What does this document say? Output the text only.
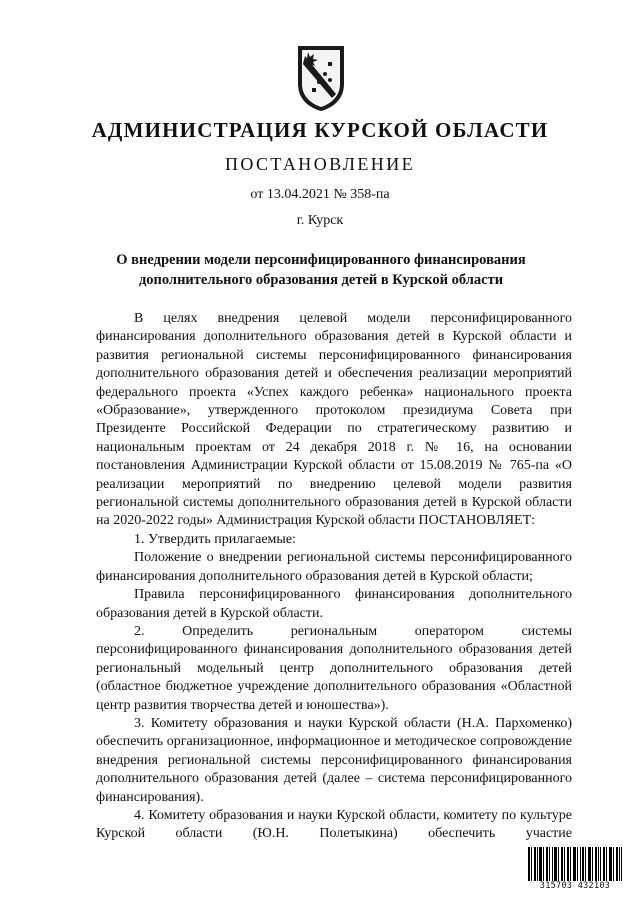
АДМИНИСТРАЦИЯ КУРСКОЙ ОБЛАСТИ
ПОСТАНОВЛЕНИЕ
от 13.04.2021 № 358-па
г. Курск
О внедрении модели персонифицированного финансирования
дополнительного образования детей в Курской области

В целях внедрения целевой модели персонифицированного финансирования дополнительного образования детей в Курской области и развития региональной системы персонифицированного финансирования дополнительного образования детей и обеспечения реализации мероприятий федерального проекта «Успех каждого ребенка» национального проекта «Образование», утвержденного протоколом президиума Совета при Президенте Российской Федерации по стратегическому развитию и национальным проектам от 24 декабря 2018 г. № 16, на основании постановления Администрации Курской области от 15.08.2019 № 765-па «О реализации мероприятий по внедрению целевой модели развития региональной системы дополнительного образования детей в Курской области на 2020-2022 годы» Администрация Курской области ПОСТАНОВЛЯЕТ:

1. Утвердить прилагаемые:

Положение о внедрении региональной системы персонифицированного финансирования дополнительного образования детей в Курской области;

Правила персонифицированного финансирования дополнительного образования детей в Курской области.

2. Определить региональным оператором системы персонифицированного финансирования дополнительного образования детей региональный модельный центр дополнительного образования детей (областное бюджетное учреждение дополнительного образования «Областной центр развития творчества детей и юношества»).

3. Комитету образования и науки Курской области (Н.А. Пархоменко) обеспечить организационное, информационное и методическое сопровождение внедрения региональной системы персонифицированного финансирования дополнительного образования детей (далее – система персонифицированного финансирования).

4. Комитету образования и науки Курской области, комитету по культуре Курской области (Ю.Н. Полетыкина) обеспечить участие

315703 432103
